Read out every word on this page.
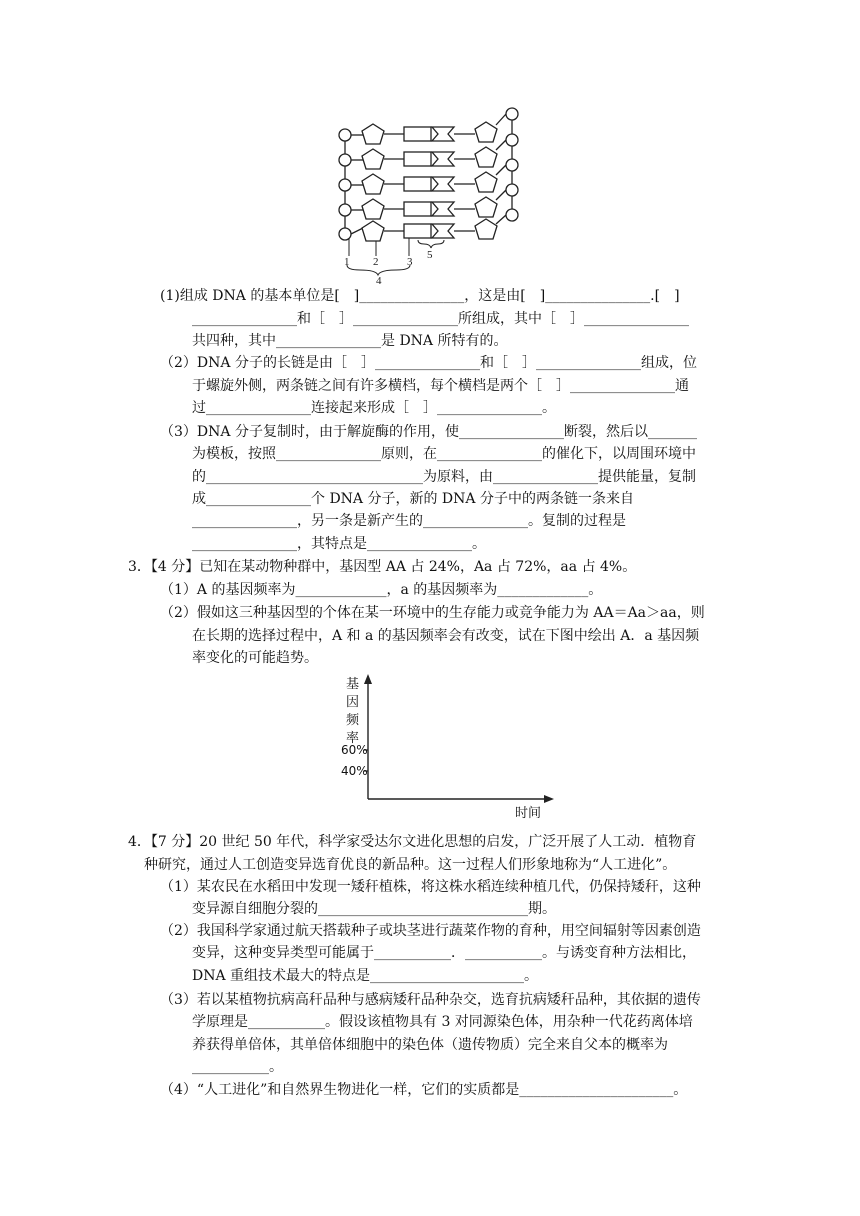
1 2	3
4
5
(1)组成 DNA 的基本单位是[　]_______________，这是由[　]_______________.[　]
_______________和［　］_______________所组成，其中［　］_______________
共四种，其中_______________是 DNA 所特有的。
（2）DNA 分子的长链是由［　］_______________和［　］_______________组成，位
于螺旋外侧，两条链之间有许多横档，每个横档是两个［　］_______________通
过_______________连接起来形成［　］_______________。
（3）DNA 分子复制时，由于解旋酶的作用，使_______________断裂，然后以_______
为模板，按照_______________原则，在_______________的催化下，以周围环境中
的_______________________________为原料，由_______________提供能量，复制
成_______________个 DNA 分子，新的 DNA 分子中的两条链一条来自
_______________，另一条是新产生的_______________。复制的过程是
_______________，其特点是_______________。
3．【4 分】已知在某动物种群中，基因型 AA 占 24%，Aa 占 72%，aa 占 4%。
（1）A 的基因频率为_____________，a 的基因频率为_____________。
（2）假如这三种基因型的个体在某一环境中的生存能力或竞争能力为 AA＝Aa＞aa，则
在长期的选择过程中，A 和 a 的基因频率会有改变，试在下图中绘出 A．a 基因频
率变化的可能趋势。
基
因
频
率
60%
40%
时间
4．【7 分】20 世纪 50 年代，科学家受达尔文进化思想的启发，广泛开展了人工动．植物育
种研究，通过人工创造变异选育优良的新品种。这一过程人们形象地称为“人工进化”。
（1）某农民在水稻田中发现一矮秆植株，将这株水稻连续种植几代，仍保持矮秆，这种
变异源自细胞分裂的______________________________期。
（2）我国科学家通过航天搭载种子或块茎进行蔬菜作物的育种，用空间辐射等因素创造
变异，这种变异类型可能属于___________．___________。与诱变育种方法相比，
DNA 重组技术最大的特点是______________________。
（3）若以某植物抗病高秆品种与感病矮秆品种杂交，选育抗病矮秆品种，其依据的遗传
学原理是___________。假设该植物具有 3 对同源染色体，用杂种一代花药离体培
养获得单倍体，其单倍体细胞中的染色体（遗传物质）完全来自父本的概率为
___________。
（4）“人工进化”和自然界生物进化一样，它们的实质都是______________________。
